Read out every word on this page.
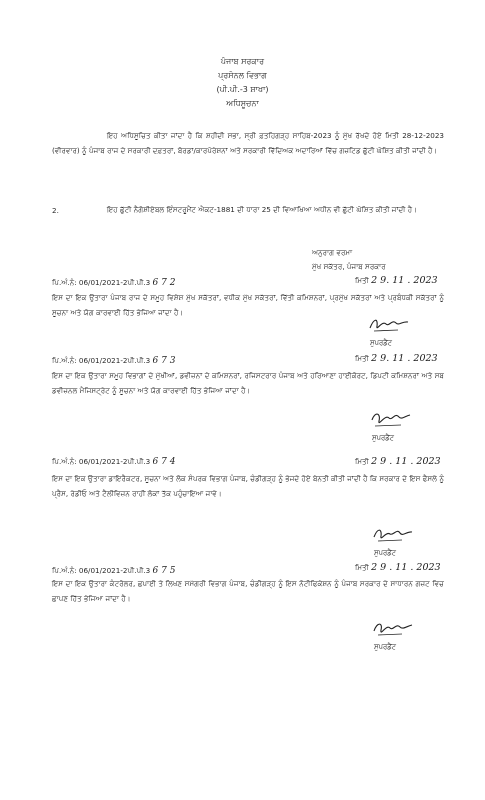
ਪੰਜਾਬ ਸਰਕਾਰ
ਪ੍ਰਸੋਨਲ ਵਿਭਾਗ
(ਪੀ.ਪੀ.-3 ਸ਼ਾਖਾ)
ਅਧਿਸੂਚਨਾ
ਇਹ ਅਧਿਸੂਚਿਤ ਕੀਤਾ ਜਾਂਦਾ ਹੈ ਕਿ ਸ਼ਹੀਦੀ ਸਭਾ, ਸ੍ਰੀ ਫ਼ਤਹਿਗੜ੍ਹ ਸਾਹਿਬ-2023 ਨੂੰ ਮੁੱਖ ਰੱਖਦੇ ਹੋਏ ਮਿਤੀ 28-12-2023 (ਵੀਰਵਾਰ) ਨੂੰ ਪੰਜਾਬ ਰਾਜ ਦੇ ਸਰਕਾਰੀ ਦਫ਼ਤਰਾਂ, ਬੋਰਡਾਂ/ਕਾਰਪੋਰੇਸ਼ਨਾਂ ਅਤੇ ਸਰਕਾਰੀ ਵਿੱਦਿਅਕ ਅਦਾਰਿਆਂ ਵਿੱਚ ਗਜ਼ਟਿਡ ਛੁੱਟੀ ਘੋਸ਼ਿਤ ਕੀਤੀ ਜਾਂਦੀ ਹੈ।
2.	ਇਹ ਛੁੱਟੀ ਨੈਗੋਸ਼ੀਏਬਲ ਇੰਸਟਰੂਮੈਂਟ ਐਕਟ-1881 ਦੀ ਧਾਰਾ 25 ਦੀ ਵਿਆਖਿਆ ਅਧੀਨ ਵੀ ਛੁੱਟੀ ਘੋਸ਼ਿਤ ਕੀਤੀ ਜਾਂਦੀ ਹੈ।
ਅਨੁਰਾਗ ਵਰਮਾ
ਮੁੱਖ ਸਕੱਤਰ, ਪੰਜਾਬ ਸਰਕਾਰ
ਪਿ.ਅੰ.ਨੰ: 06/01/2021-2ਪੀ.ਪੀ.3 6 7 2	ਮਿਤੀ 2 9. 11 . 2023
ਇਸ ਦਾ ਇਕ ਉਤਾਰਾ ਪੰਜਾਬ ਰਾਜ ਦੇ ਸਮੂਹ ਵਿਸ਼ੇਸ਼ ਮੁੱਖ ਸਕੱਤਰਾਂ, ਵਧੀਕ ਮੁੱਖ ਸਕੱਤਰਾਂ, ਵਿੱਤੀ ਕਮਿਸ਼ਨਰਾਂ, ਪ੍ਰਮੁੱਖ ਸਕੱਤਰਾਂ ਅਤੇ ਪ੍ਰਬੰਧਕੀ ਸਕੱਤਰਾਂ ਨੂੰ ਸੂਚਨਾ ਅਤੇ ਯੋਗ ਕਾਰਵਾਈ ਹਿੱਤ ਭੇਜਿਆ ਜਾਂਦਾ ਹੈ।
ਸੁਪਰਡੈਂਟ
ਪਿ.ਅੰ.ਨੰ: 06/01/2021-2ਪੀ.ਪੀ.3 6 7 3	ਮਿਤੀ 2 9. 11 . 2023
ਇਸ ਦਾ ਇਕ ਉਤਾਰਾ ਸਮੂਹ ਵਿਭਾਗਾਂ ਦੇ ਮੁੱਖੀਆਂ, ਡਵੀਜ਼ਨਾਂ ਦੇ ਕਮਿਸ਼ਨਰਾਂ, ਰਜਿਸਟਰਾਰ ਪੰਜਾਬ ਅਤੇ ਹਰਿਆਣਾ ਹਾਈਕੋਰਟ, ਡਿਪਟੀ ਕਮਿਸ਼ਨਰਾਂ ਅਤੇ ਸਬ ਡਵੀਜ਼ਨਲ ਮੈਜਿਸਟ੍ਰੇਟ ਨੂੰ ਸੂਚਨਾ ਅਤੇ ਯੋਗ ਕਾਰਵਾਈ ਹਿੱਤ ਭੇਜਿਆ ਜਾਂਦਾ ਹੈ।
ਸੁਪਰਡੈਂਟ
ਪਿ.ਅੰ.ਨੰ: 06/01/2021-2ਪੀ.ਪੀ.3 6 7 4	ਮਿਤੀ 2 9 . 11 . 2023
ਇਸ ਦਾ ਇਕ ਉਤਾਰਾ ਡਾਇਰੈਕਟਰ, ਸੂਚਨਾ ਅਤੇ ਲੋਕ ਸੰਪਰਕ ਵਿਭਾਗ ਪੰਜਾਬ, ਚੰਡੀਗੜ੍ਹ ਨੂੰ ਭੇਜਦੇ ਹੋਏ ਬੇਨਤੀ ਕੀਤੀ ਜਾਂਦੀ ਹੈ ਕਿ ਸਰਕਾਰ ਦੇ ਇਸ ਫੈਸਲੇ ਨੂੰ ਪ੍ਰੈਸ, ਰੇਡੀਓ ਅਤੇ ਟੈਲੀਵਿਜ਼ਨ ਰਾਹੀਂ ਲੋਕਾਂ ਤੱਕ ਪਹੁੰਚਾਇਆ ਜਾਵੇ।
ਸੁਪਰਡੈਂਟ
ਪਿ.ਅੰ.ਨੰ: 06/01/2021-2ਪੀ.ਪੀ.3 6 7 5	ਮਿਤੀ 2 9 . 11 . 2023
ਇਸ ਦਾ ਇਕ ਉਤਾਰਾ ਕੰਟਰੋਲਰ, ਛਪਾਈ ਤੇ ਲਿਖਣ ਸਮੱਗਰੀ ਵਿਭਾਗ ਪੰਜਾਬ, ਚੰਡੀਗੜ੍ਹ ਨੂੰ ਇਸ ਨੋਟੀਫਿਕੇਸ਼ਨ ਨੂੰ ਪੰਜਾਬ ਸਰਕਾਰ ਦੇ ਸਾਧਾਰਨ ਗਜ਼ਟ ਵਿਚ ਛਾਪਣ ਹਿੱਤ ਭੇਜਿਆ ਜਾਂਦਾ ਹੈ।
ਸੁਪਰਡੈਂਟ
